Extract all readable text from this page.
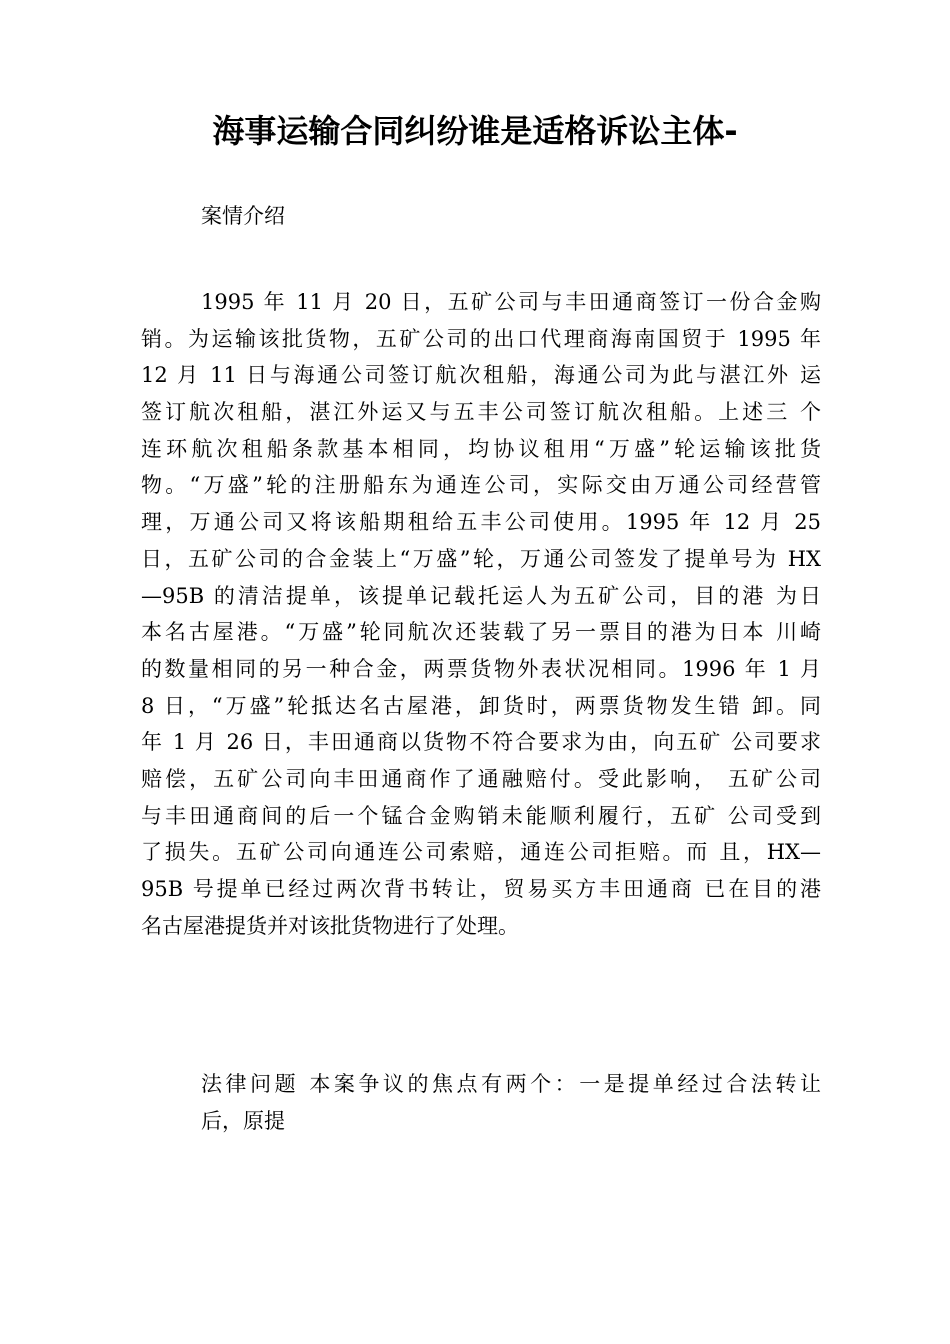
海事运输合同纠纷谁是适格诉讼主体-

案情介绍

1995 年 11 月 20 日，五矿公司与丰田通商签订一份合金购
销。为运输该批货物，五矿公司的出口代理商海南国贸于 1995 年
12 月 11 日与海通公司签订航次租船，海通公司为此与湛江外 运
签订航次租船，湛江外运又与五丰公司签订航次租船。上述三 个
连环航次租船条款基本相同，均协议租用“万盛”轮运输该批货
物。“万盛”轮的注册船东为通连公司，实际交由万通公司经营管
理，万通公司又将该船期租给五丰公司使用。1995 年 12 月 25
日，五矿公司的合金装上“万盛”轮，万通公司签发了提单号为 HX
—95B 的清洁提单，该提单记载托运人为五矿公司，目的港 为日
本名古屋港。“万盛”轮同航次还装载了另一票目的港为日本 川崎
的数量相同的另一种合金，两票货物外表状况相同。1996 年 1 月
8 日，“万盛”轮抵达名古屋港，卸货时，两票货物发生错 卸。同
年 1 月 26 日，丰田通商以货物不符合要求为由，向五矿 公司要求
赔偿，五矿公司向丰田通商作了通融赔付。受此影响， 五矿公司
与丰田通商间的后一个锰合金购销未能顺利履行，五矿 公司受到
了损失。五矿公司向通连公司索赔，通连公司拒赔。而 且，HX—
95B 号提单已经过两次背书转让，贸易买方丰田通商 已在目的港
名古屋港提货并对该批货物进行了处理。
法律问题 本案争议的焦点有两个：一是提单经过合法转让
后，原提
